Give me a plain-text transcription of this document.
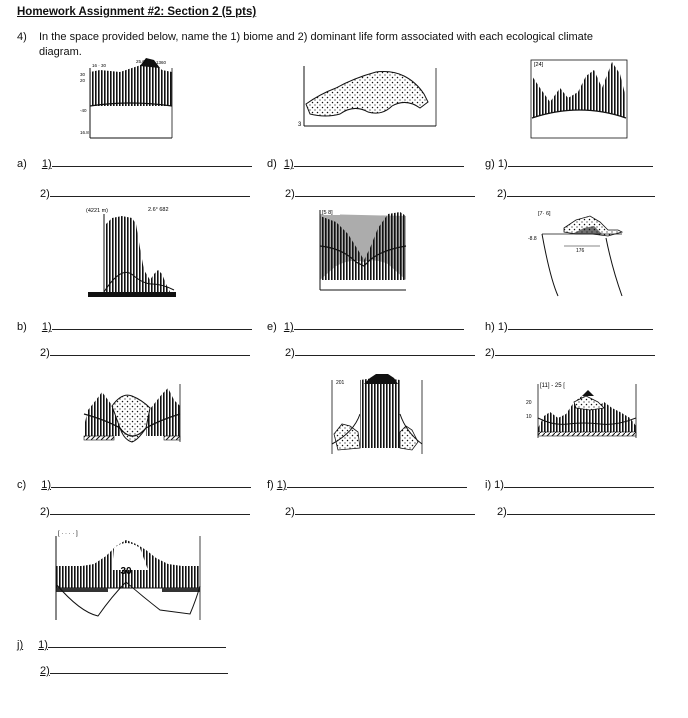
Homework Assignment #2: Section 2 (5 pts)
4) In the space provided below, name the 1) biome and 2) dominant life form associated with each ecological climate
diagram.
16 · 30
25.6° 1360
30
20
-40
16.8
3
[24]
a) 1)
2)
d) 1)
2)
g) 1)
2)
(4221 m)	2.6° 682	[5 8]	[7· 6]
-8.8
176
b) 1)
2)
e) 1)
2)
h) 1)
2)
201	[11] - 25 [
20
10
c) 1)
2)
f) 1)
2)
i) 1)
2)
[ · · · · ]
30
j) 1)
2)
